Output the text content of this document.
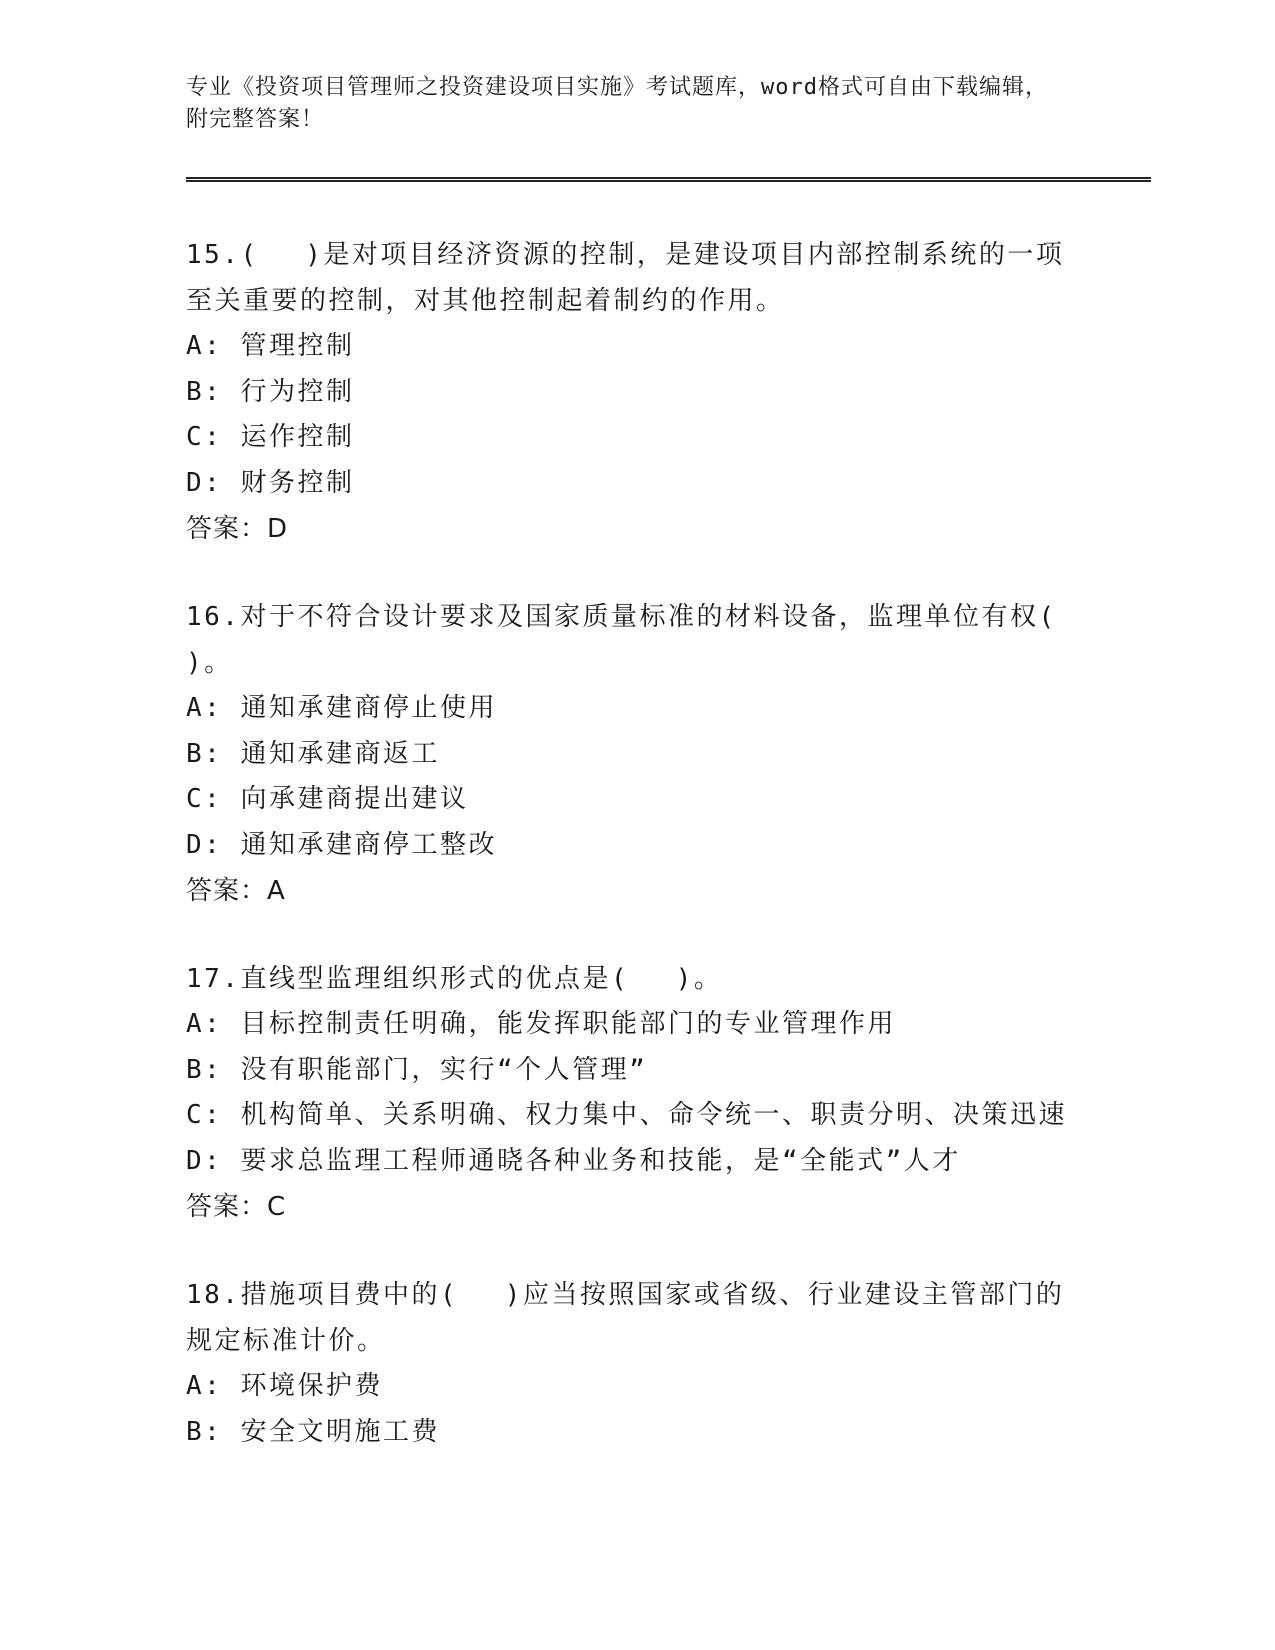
专业《投资项目管理师之投资建设项目实施》考试题库，word格式可自由下载编辑，附完整答案！

15.(　 )是对项目经济资源的控制，是建设项目内部控制系统的一项至关重要的控制，对其他控制起着制约的作用。

A: 管理控制

B: 行为控制

C: 运作控制

D: 财务控制

答案：D

16.对于不符合设计要求及国家质量标准的材料设备，监理单位有权( )。

A: 通知承建商停止使用

B: 通知承建商返工

C: 向承建商提出建议

D: 通知承建商停工整改

答案：A

17.直线型监理组织形式的优点是(　 )。

A: 目标控制责任明确，能发挥职能部门的专业管理作用

B: 没有职能部门，实行“个人管理”

C: 机构简单、关系明确、权力集中、命令统一、职责分明、决策迅速

D: 要求总监理工程师通晓各种业务和技能，是“全能式”人才

答案：C

18.措施项目费中的(　 )应当按照国家或省级、行业建设主管部门的规定标准计价。

A: 环境保护费

B: 安全文明施工费
